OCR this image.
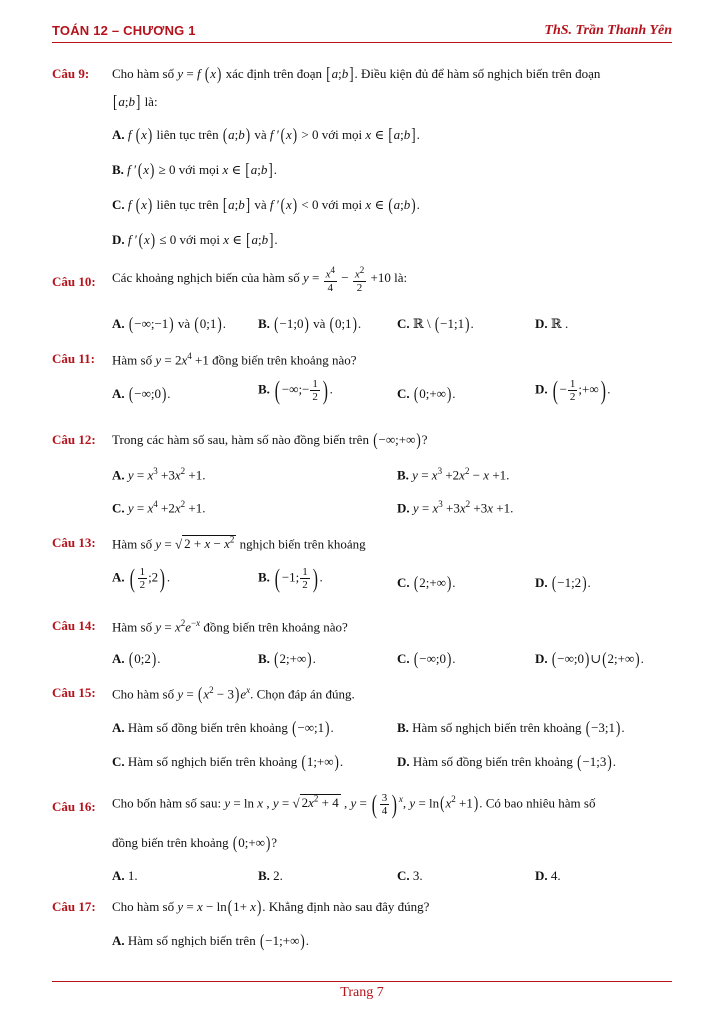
TOÁN 12 – CHƯƠNG 1	ThS. Trần Thanh Yên
Câu 9: Cho hàm số y = f (x) xác định trên đoạn [a;b]. Điều kiện đủ để hàm số nghịch biến trên đoạn
[a;b] là:
A. f (x) liên tục trên (a;b) và f ′(x) > 0 với mọi x ∈ [a;b].
B. f ′(x) ≥ 0 với mọi x ∈ [a;b].
C. f (x) liên tục trên [a;b] và f ′(x) < 0 với mọi x ∈ (a;b).
D. f ′(x) ≤ 0 với mọi x ∈ [a;b].
Câu 10: Các khoảng nghịch biến của hàm số $y = \frac{x^4}{4} - \frac{x^2}{2} +10$ là:
A. (−∞;−1) và (0;1). B. (−1;0) và (0;1).	C. ℝ \ (−1;1).	D. ℝ .
Câu 11: Hàm số $y = 2x^4 +1$ đồng biến trên khoảng nào?
A. (−∞;0).	B. ( −∞;− $\frac{1}{2}$ ) .	C. (0;+∞).	D. ( − $\frac{1}{2}$ ;+∞) .
Câu 12: Trong các hàm số sau, hàm số nào đồng biến trên (−∞;+∞)?
A. $y = x^3 +3x^2 +1$.	B. $y = x^3 +2x^2 - x +1$.
C. $y = x^4 +2x^2 +1$.	D. $y = x^3 +3x^2 +3x +1$.
Câu 13: Hàm số y = √ $2 + x - x^2$ nghịch biến trên khoảng
A. ( $\frac{1}{2}$ ;2) .	B. ( −1; $\frac{1}{2}$ ) .	C. (2;+∞).	D. (−1;2).
Câu 14: Hàm số $y = x^2e^{-x}$ đồng biến trên khoảng nào?
A. (0;2).	B. (2;+∞).	C. (−∞;0).	D. (−∞;0)∪(2;+∞).
Câu 15: Cho hàm số $y = (x^2 - 3)e^x$. Chọn đáp án đúng.
A. Hàm số đồng biến trên khoảng (−∞;1).	B. Hàm số nghịch biến trên khoảng (−3;1).
C. Hàm số nghịch biến trên khoảng (1;+∞).	D. Hàm số đồng biến trên khoảng (−1;3).
Câu 16: Cho bốn hàm số sau: y = ln x , y = √ $2x^2 + 4$ , y = ( $\frac{3}{4}$ ) $^x$, $y = \ln(x^2 +1)$. Có bao nhiêu hàm số
đồng biến trên khoảng (0;+∞)?
A. 1.	B. 2.	C. 3.	D. 4.
Câu 17: Cho hàm số y = x − ln(1+ x). Khẳng định nào sau đây đúng?
A. Hàm số nghịch biến trên (−1;+∞).
Trang 7
